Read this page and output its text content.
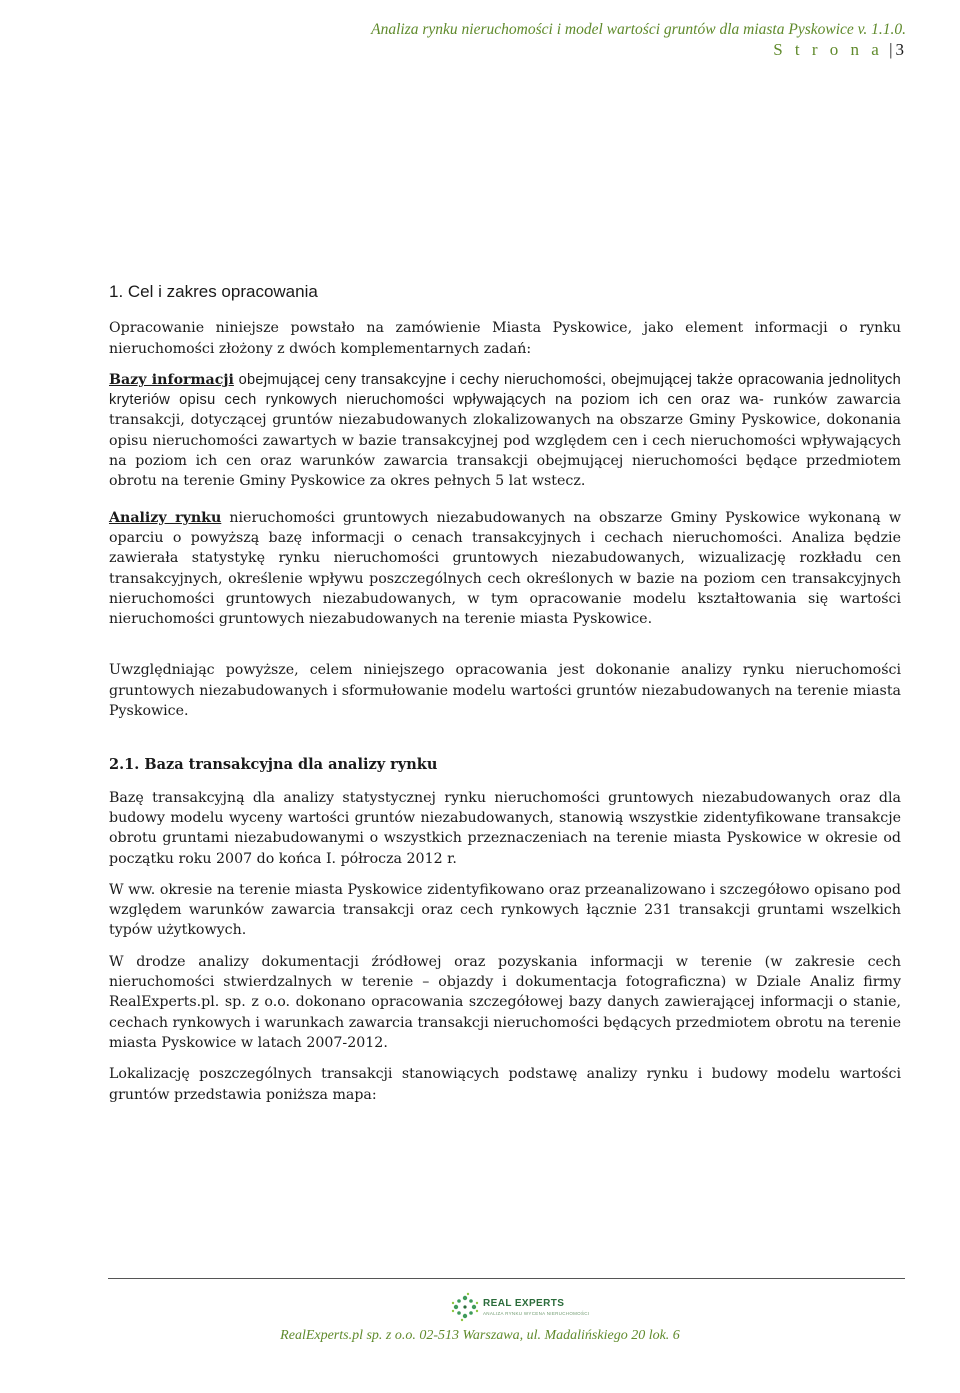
Analiza rynku nieruchomości i model wartości gruntów dla miasta Pyskowice v. 1.1.0.
S t r o n a | 3
1. Cel i zakres opracowania

Opracowanie niniejsze powstało na zamówienie Miasta Pyskowice, jako element informacji o rynku nieruchomości złożony z dwóch komplementarnych zadań:

Bazy informacji obejmującej ceny transakcyjne i cechy nieruchomości, obejmującej także opracowania jednolitych kryteriów opisu cech rynkowych nieruchomości wpływających na poziom ich cen oraz wa- runków zawarcia transakcji, dotyczącej gruntów niezabudowanych zlokalizowanych na obszarze Gminy Pyskowice, dokonania opisu nieruchomości zawartych w bazie transakcyjnej pod względem cen i cech nieruchomości wpływających na poziom ich cen oraz warunków zawarcia transakcji obejmującej nieruchomości będące przedmiotem obrotu na terenie Gminy Pyskowice za okres pełnych 5 lat wstecz.

Analizy rynku nieruchomości gruntowych niezabudowanych na obszarze Gminy Pyskowice wykonaną w oparciu o powyższą bazę informacji o cenach transakcyjnych i cechach nieruchomości. Analiza będzie zawierała statystykę rynku nieruchomości gruntowych niezabudowanych, wizualizację rozkładu cen transakcyjnych, określenie wpływu poszczególnych cech określonych w bazie na poziom cen transakcyjnych nieruchomości gruntowych niezabudowanych, w tym opracowanie modelu kształtowania się wartości nieruchomości gruntowych niezabudowanych na terenie miasta Pyskowice.

Uwzględniając powyższe, celem niniejszego opracowania jest dokonanie analizy rynku nieruchomości gruntowych niezabudowanych i sformułowanie modelu wartości gruntów niezabudowanych na terenie miasta Pyskowice.

2.1. Baza transakcyjna dla analizy rynku

Bazę transakcyjną dla analizy statystycznej rynku nieruchomości gruntowych niezabudowanych oraz dla budowy modelu wyceny wartości gruntów niezabudowanych, stanowią wszystkie zidentyfikowane transakcje obrotu gruntami niezabudowanymi o wszystkich przeznaczeniach na terenie miasta Pyskowice w okresie od początku roku 2007 do końca I. półrocza 2012 r.

W ww. okresie na terenie miasta Pyskowice zidentyfikowano oraz przeanalizowano i szczegółowo opisano pod względem warunków zawarcia transakcji oraz cech rynkowych łącznie 231 transakcji gruntami wszelkich typów użytkowych.

W drodze analizy dokumentacji źródłowej oraz pozyskania informacji w terenie (w zakresie cech nieruchomości stwierdzalnych w terenie – objazdy i dokumentacja fotograficzna) w Dziale Analiz firmy RealExperts.pl. sp. z o.o. dokonano opracowania szczegółowej bazy danych zawierającej informacji o stanie, cechach rynkowych i warunkach zawarcia transakcji nieruchomości będących przedmiotem obrotu na terenie miasta Pyskowice w latach 2007-2012.

Lokalizację poszczególnych transakcji stanowiących podstawę analizy rynku i budowy modelu wartości gruntów przedstawia poniższa mapa:

REAL EXPERTS
ANALIZA RYNKU WYCENA NIERUCHOMOŚCI
RealExperts.pl sp. z o.o. 02-513 Warszawa, ul. Madalińskiego 20 lok. 6
